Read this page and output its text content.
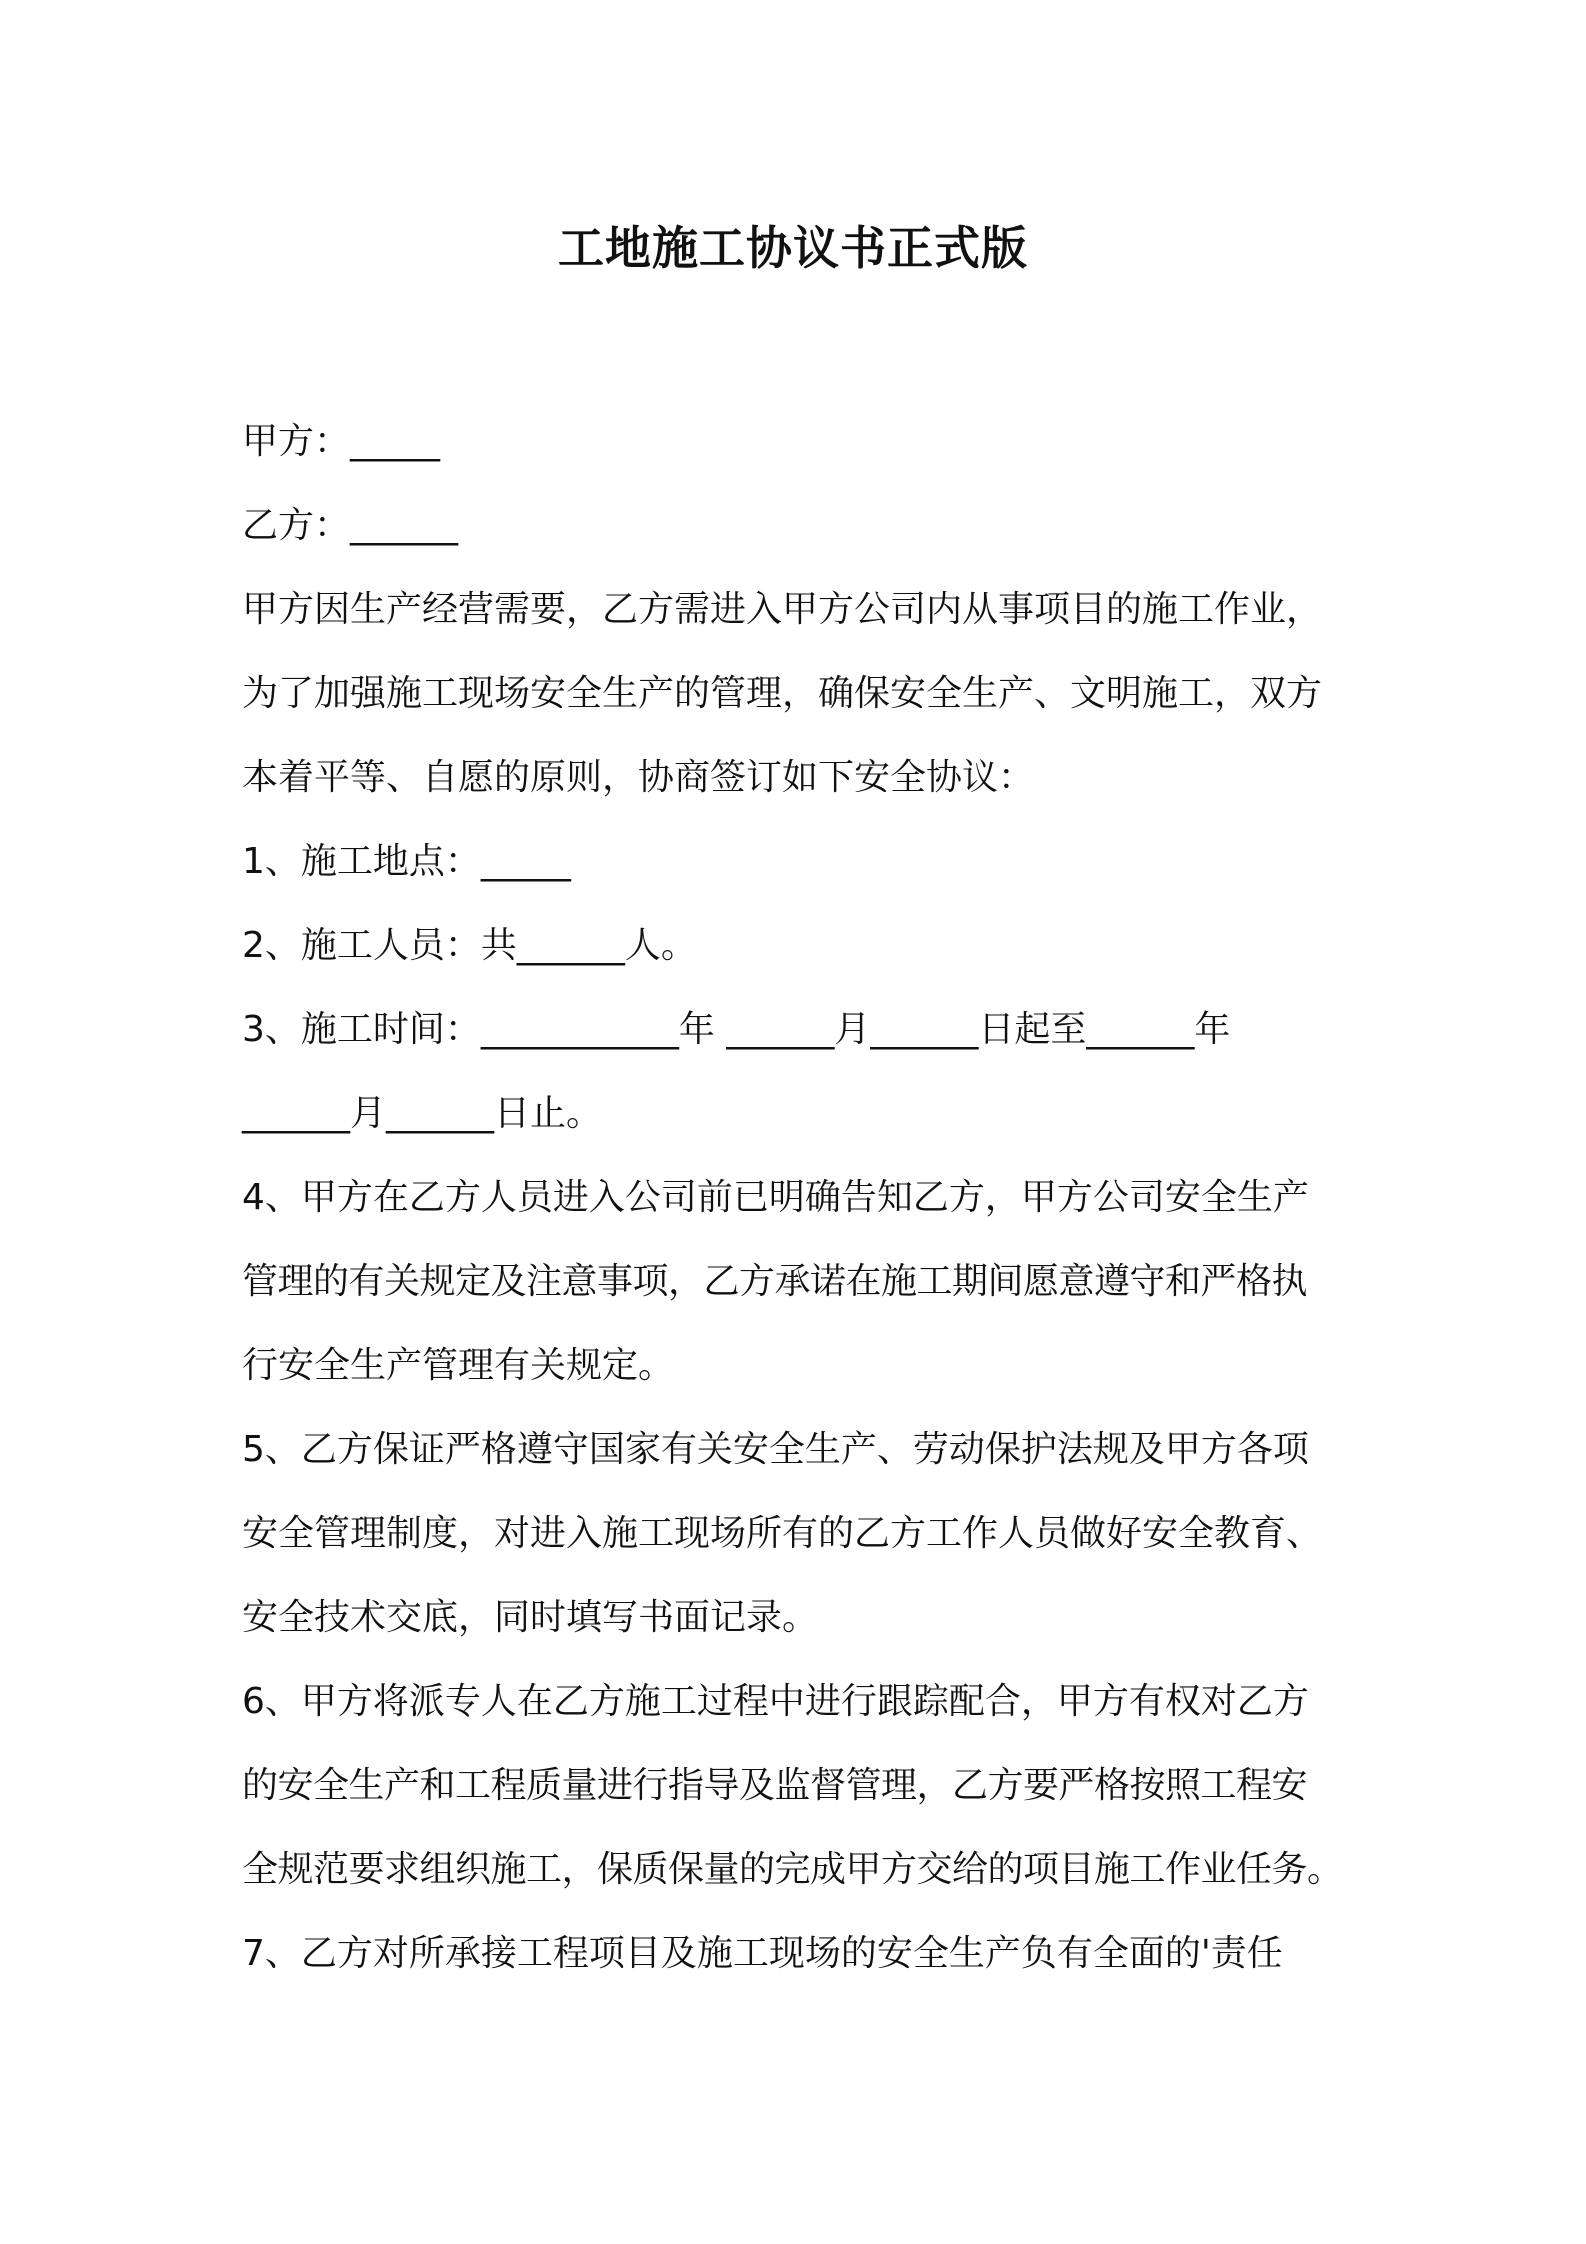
工地施工协议书正式版
甲方：_____
乙方：______
甲方因生产经营需要，乙方需进入甲方公司内从事项目的施工作业，
为了加强施工现场安全生产的管理，确保安全生产、文明施工，双方
本着平等、自愿的原则，协商签订如下安全协议：
1、施工地点：_____
2、施工人员：共______人。
3、施工时间：___________年 ______月______日起至______年
______月______日止。
4、甲方在乙方人员进入公司前已明确告知乙方，甲方公司安全生产
管理的有关规定及注意事项，乙方承诺在施工期间愿意遵守和严格执
行安全生产管理有关规定。
5、乙方保证严格遵守国家有关安全生产、劳动保护法规及甲方各项
安全管理制度，对进入施工现场所有的乙方工作人员做好安全教育、
安全技术交底，同时填写书面记录。
6、甲方将派专人在乙方施工过程中进行跟踪配合，甲方有权对乙方
的安全生产和工程质量进行指导及监督管理，乙方要严格按照工程安
全规范要求组织施工，保质保量的完成甲方交给的项目施工作业任务。
7、乙方对所承接工程项目及施工现场的安全生产负有全面的'责任
